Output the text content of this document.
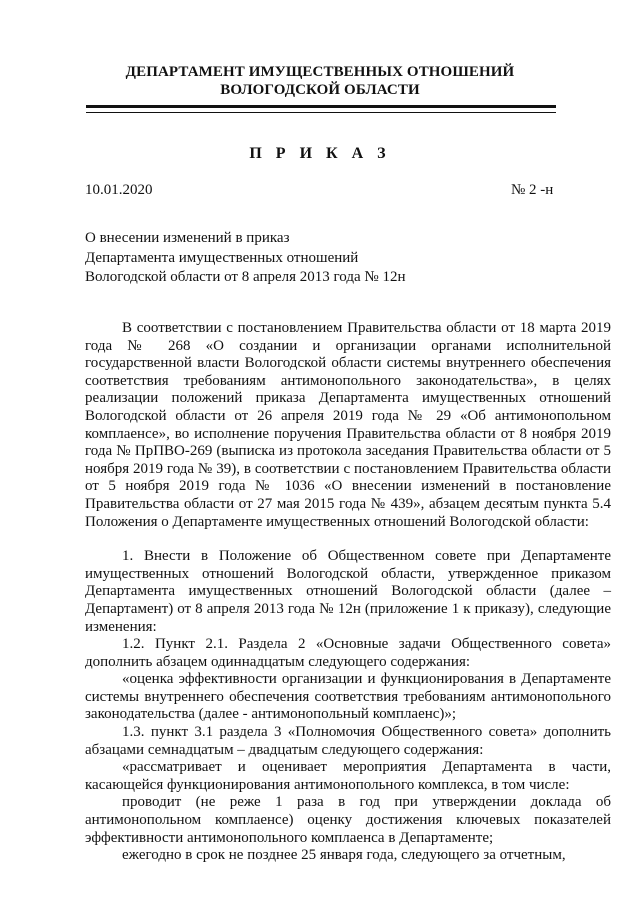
ДЕПАРТАМЕНТ ИМУЩЕСТВЕННЫХ ОТНОШЕНИЙ
ВОЛОГОДСКОЙ ОБЛАСТИ
П Р И К А З
10.01.2020	№ 2 -н
О внесении изменений в приказ
Департамента имущественных отношений
Вологодской области от 8 апреля 2013 года № 12н

В соответствии с постановлением Правительства области от 18 марта 2019 года № 268 «О создании и организации органами исполнительной государственной власти Вологодской области системы внутреннего обеспечения соответствия требованиям антимонопольного законодательства», в целях реализации положений приказа Департамента имущественных отношений Вологодской области от 26 апреля 2019 года № 29 «Об антимонопольном комплаенсе», во исполнение поручения Правительства области от 8 ноября 2019 года № ПрПВО-269 (выписка из протокола заседания Правительства области от 5 ноября 2019 года № 39), в соответствии с постановлением Правительства области от 5 ноября 2019 года № 1036 «О внесении изменений в постановление Правительства области от 27 мая 2015 года № 439», абзацем десятым пункта 5.4 Положения о Департаменте имущественных отношений Вологодской области:

1. Внести в Положение об Общественном совете при Департаменте имущественных отношений Вологодской области, утвержденное приказом Департамента имущественных отношений Вологодской области (далее – Департамент) от 8 апреля 2013 года № 12н (приложение 1 к приказу), следующие изменения:

1.2. Пункт 2.1. Раздела 2 «Основные задачи Общественного совета» дополнить абзацем одиннадцатым следующего содержания:

«оценка эффективности организации и функционирования в Департаменте системы внутреннего обеспечения соответствия требованиям антимонопольного законодательства (далее - антимонопольный комплаенс)»;

1.3. пункт 3.1 раздела 3 «Полномочия Общественного совета» дополнить абзацами семнадцатым – двадцатым следующего содержания:

«рассматривает и оценивает мероприятия Департамента в части, касающейся функционирования антимонопольного комплекса, в том числе:

проводит (не реже 1 раза в год при утверждении доклада об антимонопольном комплаенсе) оценку достижения ключевых показателей эффективности антимонопольного комплаенса в Департаменте;

ежегодно в срок не позднее 25 января года, следующего за отчетным,
